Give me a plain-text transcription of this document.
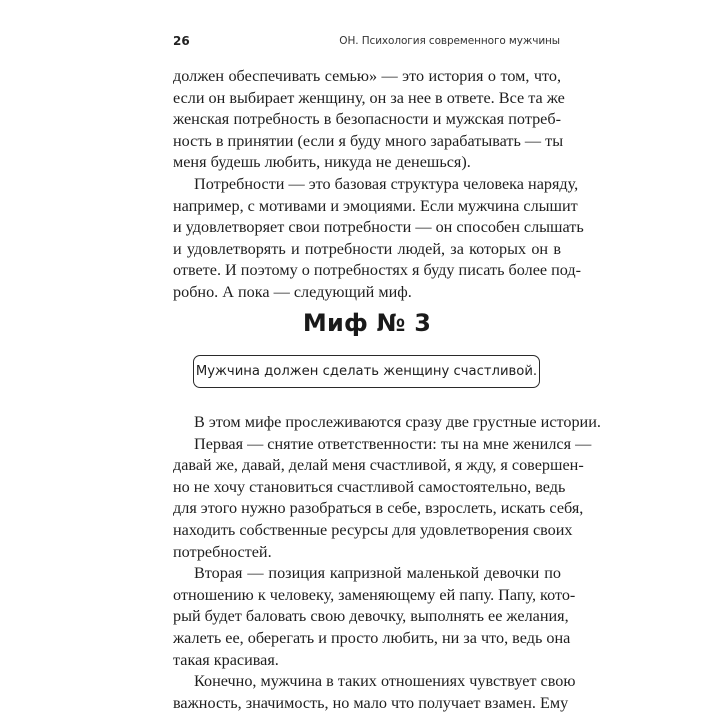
26	ОН. Психология современного мужчины
должен обеспечивать семью» — это история о том, что,
если он выбирает женщину, он за нее в ответе. Все та же
женская потребность в безопасности и мужская потреб-
ность в принятии (если я буду много зарабатывать — ты
меня будешь любить, никуда не денешься).
Потребности — это базовая структура человека наряду,
например, с мотивами и эмоциями. Если мужчина слышит
и удовлетворяет свои потребности — он способен слышать
и удовлетворять и потребности людей, за которых он в
ответе. И поэтому о потребностях я буду писать более под-
робно. А пока — следующий миф.
Миф № 3
Мужчина должен сделать женщину счастливой.
В этом мифе прослеживаются сразу две грустные истории.
Первая — снятие ответственности: ты на мне женился —
давай же, давай, делай меня счастливой, я жду, я совершен-
но не хочу становиться счастливой самостоятельно, ведь
для этого нужно разобраться в себе, взрослеть, искать себя,
находить собственные ресурсы для удовлетворения своих
потребностей.
Вторая — позиция капризной маленькой девочки по
отношению к человеку, заменяющему ей папу. Папу, кото-
рый будет баловать свою девочку, выполнять ее желания,
жалеть ее, оберегать и просто любить, ни за что, ведь она
такая красивая.
Конечно, мужчина в таких отношениях чувствует свою
важность, значимость, но мало что получает взамен. Ему
